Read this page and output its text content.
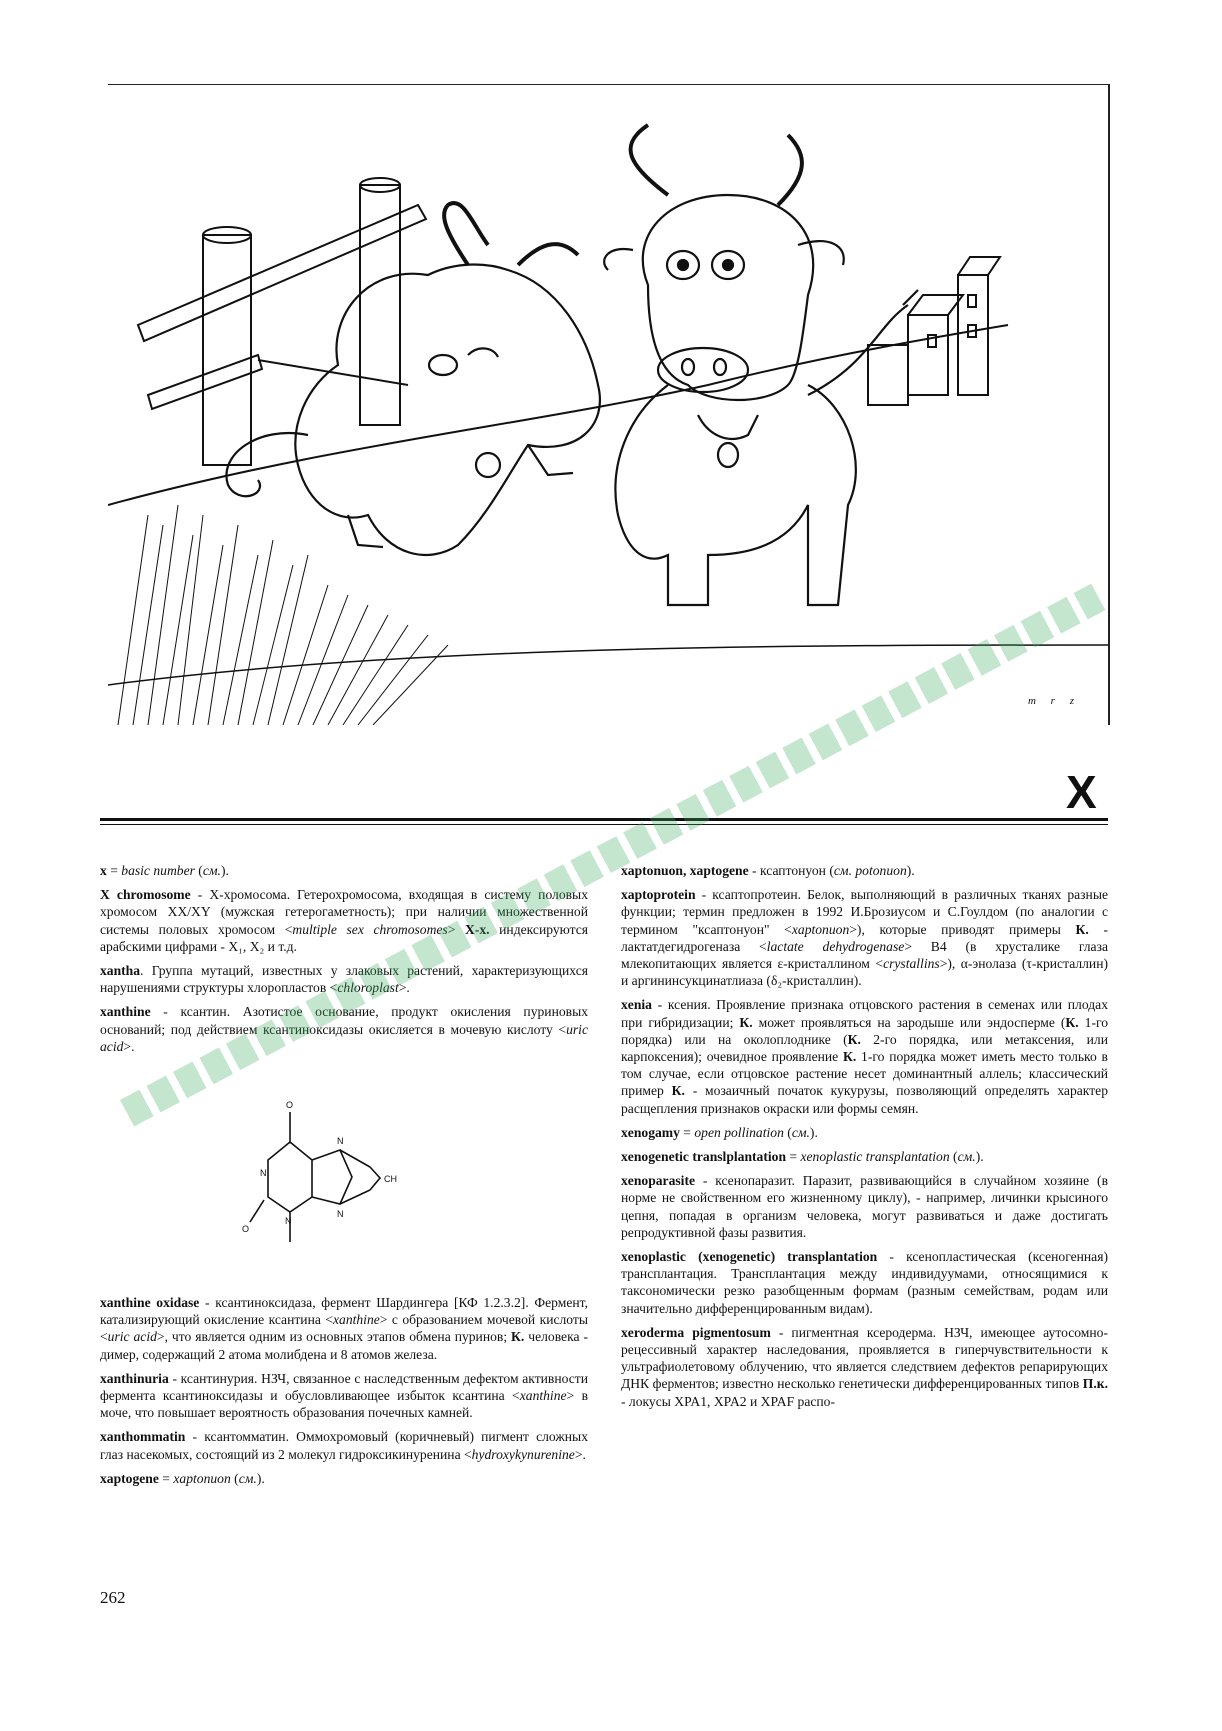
m r z
X
x = basic number (см.).
X chromosome - X-хромосома. Гетерохромосома, входящая в систему половых хромосом XX/XY (мужская гетерогаметность); при наличии множественной системы половых хромосом <multiple sex chromosomes> X-x. индексируются арабскими цифрами - X₁, X₂ и т.д.
xantha. Группа мутаций, известных у злаковых растений, характеризующихся нарушениями структуры хлоропластов <chloroplast>.
xanthine - ксантин. Азотистое основание, продукт окисления пуриновых оснований; под действием ксантиноксидазы окисляется в мочевую кислоту <uric acid>.
O
N
N
O
N
N
CH
xanthine oxidase - ксантиноксидаза, фермент Шардингера [КФ 1.2.3.2]. Фермент, катализирующий окисление ксантина <xanthine> с образованием мочевой кислоты <uric acid>, что является одним из основных этапов обмена пуринов; К. человека - димер, содержащий 2 атома молибдена и 8 атомов железа.
xanthinuria - ксантинурия. НЗЧ, связанное с наследственным дефектом активности фермента ксантиноксидазы и обусловливающее избыток ксантина <xanthine> в моче, что повышает вероятность образования почечных камней.
xanthommatin - ксантомматин. Оммохромовый (коричневый) пигмент сложных глаз насекомых, состоящий из 2 молекул гидроксикинуренина <hydroxykynurenine>.
xaptogene = xaptonuon (см.).
xaptonuon, xaptogene - ксаптонуон (см. potonuon).
xaptoprotein - ксаптопротеин. Белок, выполняющий в различных тканях разные функции; термин предложен в 1992 И.Брозиусом и С.Гоулдом (по аналогии с термином "ксаптонуон" <xaptonuon>), которые приводят примеры К. - лактатдегидрогеназа <lactate dehydrogenase> B4 (в хрусталике глаза млекопитающих является ε-кристаллином <crystallins>), α-энолаза (τ-кристаллин) и аргининсукцинатлиаза (δ₂-кристаллин).
xenia - ксения. Проявление признака отцовского растения в семенах или плодах при гибридизации; К. может проявляться на зародыше или эндосперме (К. 1-го порядка) или на околоплоднике (К. 2-го порядка, или метаксения, или карпоксения); очевидное проявление К. 1-го порядка может иметь место только в том случае, если отцовское растение несет доминантный аллель; классический пример К. - мозаичный початок кукурузы, позволяющий определять характер расщепления признаков окраски или формы семян.
xenogamy = open pollination (см.).
xenogenetic translplantation = xenoplastic transplantation (см.).
xenoparasite - ксенопаразит. Паразит, развивающийся в случайном хозяине (в норме не свойственном его жизненному циклу), - например, личинки крысиного цепня, попадая в организм человека, могут развиваться и даже достигать репродуктивной фазы развития.
xenoplastic (xenogenetic) transplantation - ксенопластическая (ксеногенная) трансплантация. Трансплантация между индивидуумами, относящимися к таксономически резко разобщенным формам (разным семействам, родам или значительно дифференцированным видам).
xeroderma pigmentosum - пигментная ксеродерма. НЗЧ, имеющее аутосомно-рецессивный характер наследования, проявляется в гиперчувствительности к ультрафиолетовому облучению, что является следствием дефектов репарирующих ДНК ферментов; известно несколько генетически дифференцированных типов П.к. - локусы XPA1, XPA2 и XPAF распо-
262
